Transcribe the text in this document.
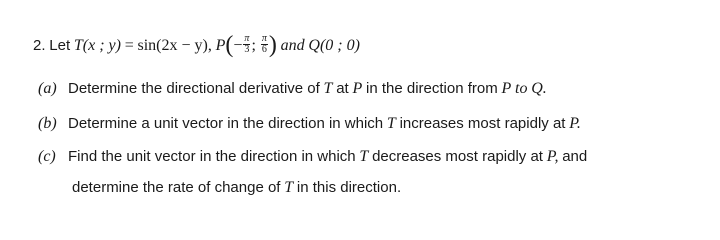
2. Let T(x ; y) = sin(2x − y), $P(- \frac{\pi}{3}$ ; $\frac{\pi}{6}$ ) and Q(0 ; 0)
(a) Determine the directional derivative of T at P in the direction from P to Q.
(b) Determine a unit vector in the direction in which T increases most rapidly at P.
(c) Find the unit vector in the direction in which T decreases most rapidly at P, and
determine the rate of change of T in this direction.
